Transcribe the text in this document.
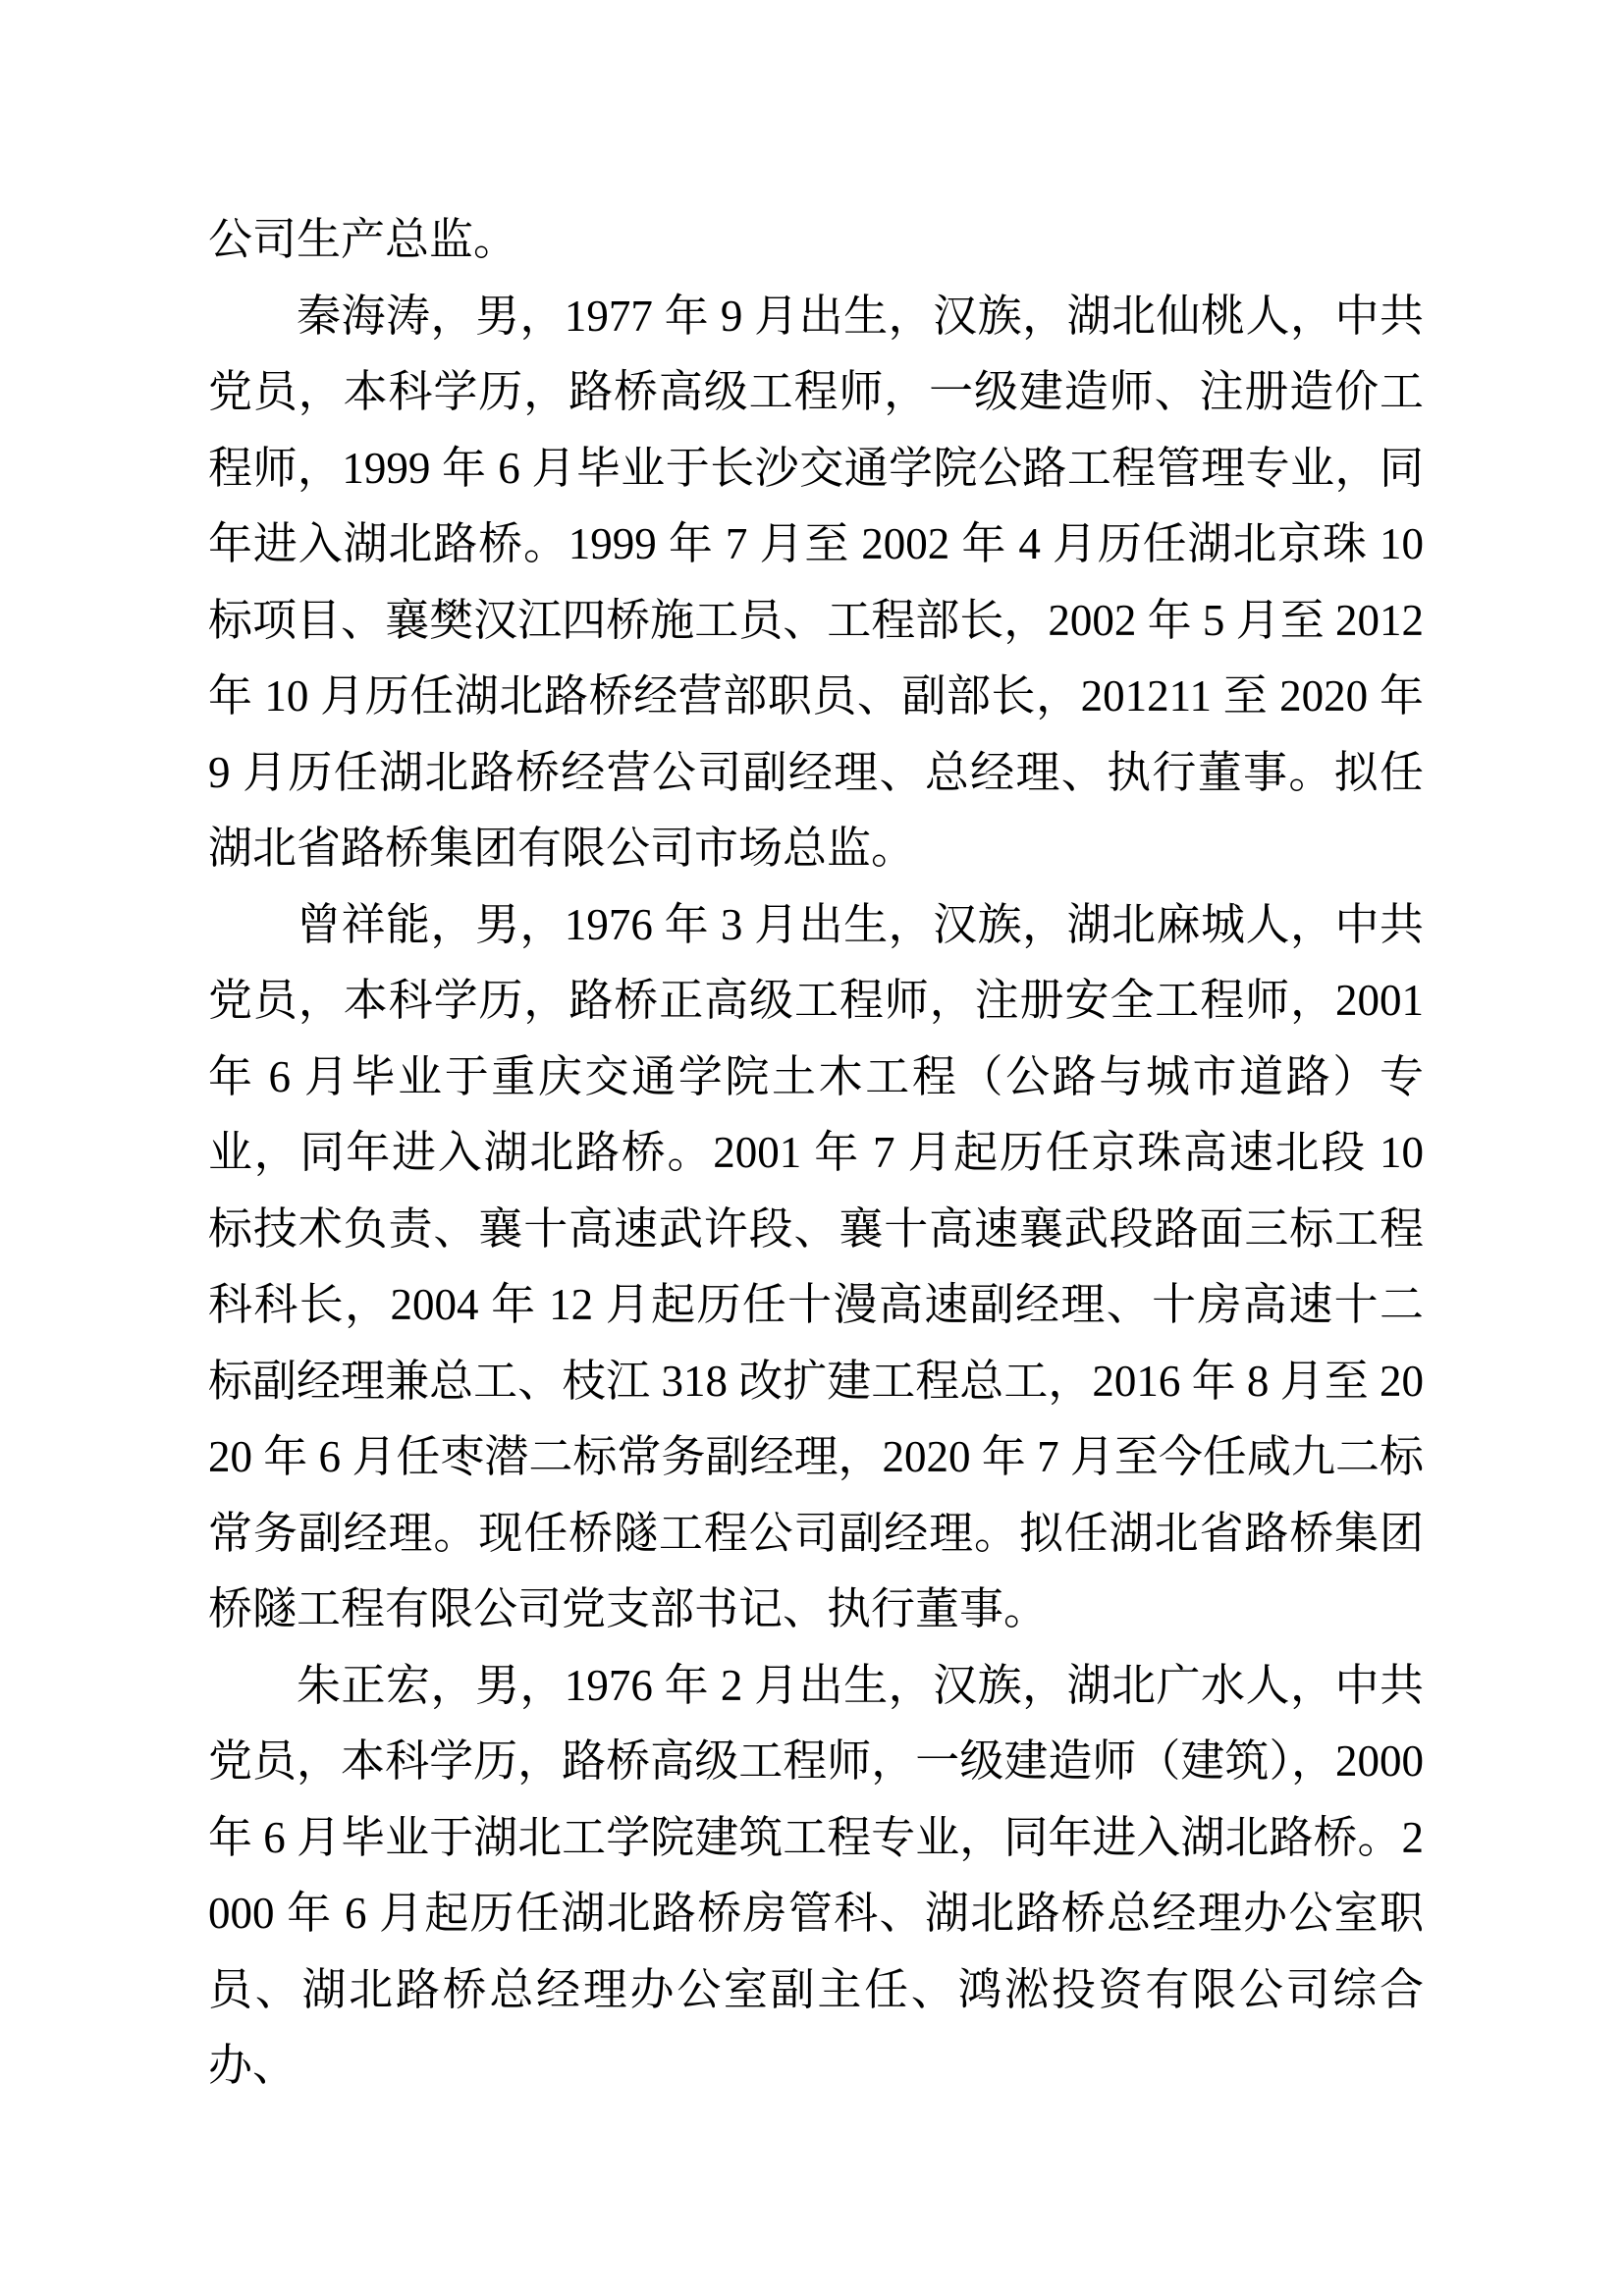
公司生产总监。

秦海涛，男，1977 年 9 月出生，汉族，湖北仙桃人，中共党员，本科学历，路桥高级工程师，一级建造师、注册造价工程师，1999 年 6 月毕业于长沙交通学院公路工程管理专业，同年进入湖北路桥。1999 年 7 月至 2002 年 4 月历任湖北京珠 10 标项目、襄樊汉江四桥施工员、工程部长，2002 年 5 月至 2012 年 10 月历任湖北路桥经营部职员、副部长，201211 至 2020 年 9 月历任湖北路桥经营公司副经理、总经理、执行董事。拟任湖北省路桥集团有限公司市场总监。

曾祥能，男，1976 年 3 月出生，汉族，湖北麻城人，中共党员，本科学历，路桥正高级工程师，注册安全工程师，2001 年 6 月毕业于重庆交通学院土木工程（公路与城市道路）专业，同年进入湖北路桥。2001 年 7 月起历任京珠高速北段 10 标技术负责、襄十高速武许段、襄十高速襄武段路面三标工程科科长，2004 年 12 月起历任十漫高速副经理、十房高速十二标副经理兼总工、枝江 318 改扩建工程总工，2016 年 8 月至 2020 年 6 月任枣潜二标常务副经理，2020 年 7 月至今任咸九二标常务副经理。现任桥隧工程公司副经理。拟任湖北省路桥集团桥隧工程有限公司党支部书记、执行董事。

朱正宏，男，1976 年 2 月出生，汉族，湖北广水人，中共党员，本科学历，路桥高级工程师，一级建造师（建筑），2000 年 6 月毕业于湖北工学院建筑工程专业，同年进入湖北路桥。2000 年 6 月起历任湖北路桥房管科、湖北路桥总经理办公室职员、湖北路桥总经理办公室副主任、鸿淞投资有限公司综合办、
